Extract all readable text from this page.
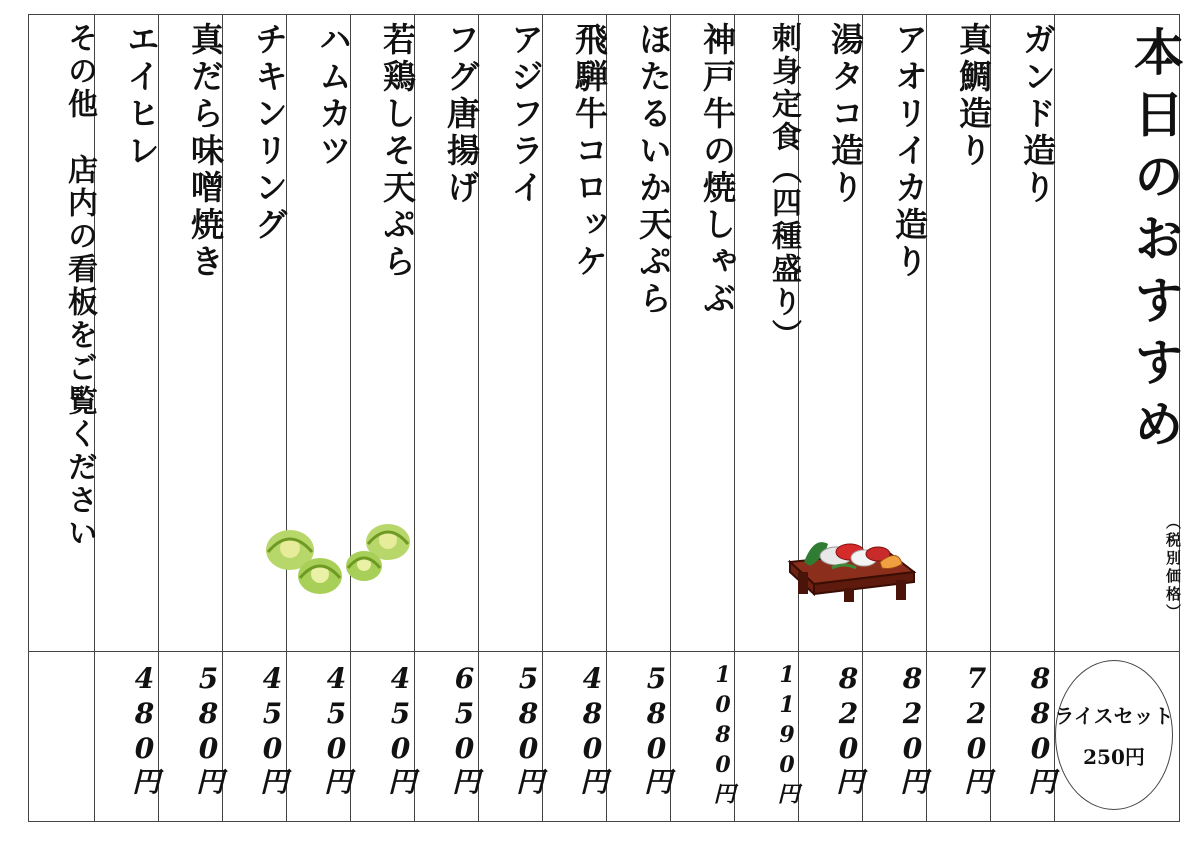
本日のおすすめ
（税別価格）
ライスセット
250円
ガンド造り
880円
真鯛造り
720円
アオリイカ造り
820円
湯タコ造り
820円
刺身定食（四種盛り）
1190円
神戸牛の焼しゃぶ
1080円
ほたるいか天ぷら
580円
飛騨牛コロッケ
480円
アジフライ
580円
フグ唐揚げ
650円
若鶏しそ天ぷら
450円
ハムカツ
450円
チキンリング
450円
真だら味噌焼き
580円
エイヒレ
480円
その他　店内の看板をご覧ください
